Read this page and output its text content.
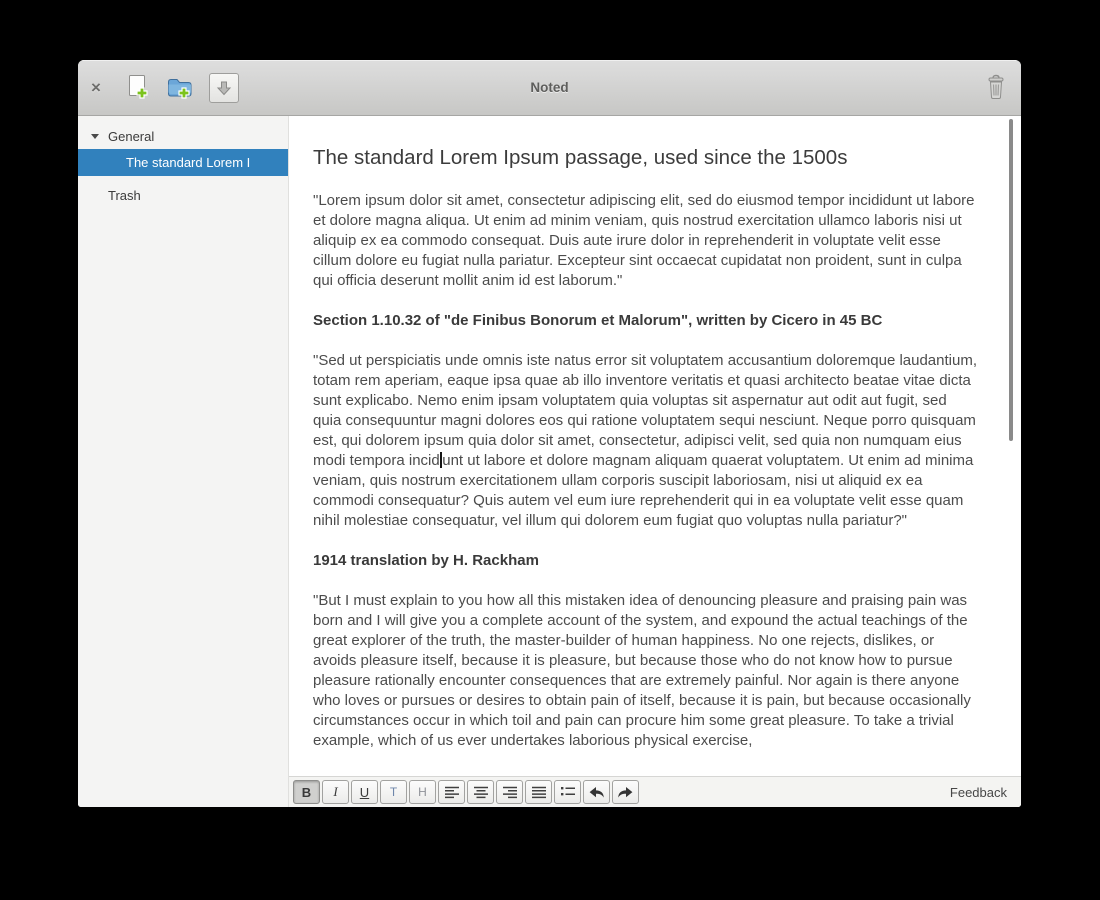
×	Noted
General
The standard Lorem I
Trash
The standard Lorem Ipsum passage, used since the 1500s

"Lorem ipsum dolor sit amet, consectetur adipiscing elit, sed do eiusmod tempor incididunt ut labore et dolore magna aliqua. Ut enim ad minim veniam, quis nostrud exercitation ullamco laboris nisi ut aliquip ex ea commodo consequat. Duis aute irure dolor in reprehenderit in voluptate velit esse cillum dolore eu fugiat nulla pariatur. Excepteur sint occaecat cupidatat non proident, sunt in culpa qui officia deserunt mollit anim id est laborum."

Section 1.10.32 of "de Finibus Bonorum et Malorum", written by Cicero in 45 BC

"Sed ut perspiciatis unde omnis iste natus error sit voluptatem accusantium doloremque laudantium, totam rem aperiam, eaque ipsa quae ab illo inventore veritatis et quasi architecto beatae vitae dicta sunt explicabo. Nemo enim ipsam voluptatem quia voluptas sit aspernatur aut odit aut fugit, sed quia consequuntur magni dolores eos qui ratione voluptatem sequi nesciunt. Neque porro quisquam est, qui dolorem ipsum quia dolor sit amet, consectetur, adipisci velit, sed quia non numquam eius modi tempora incid unt ut labore et dolore magnam aliquam quaerat voluptatem. Ut enim ad minima veniam, quis nostrum exercitationem ullam corporis suscipit laboriosam, nisi ut aliquid ex ea commodi consequatur? Quis autem vel eum iure reprehenderit qui in ea voluptate velit esse quam nihil molestiae consequatur, vel illum qui dolorem eum fugiat quo voluptas nulla pariatur?"

1914 translation by H. Rackham

"But I must explain to you how all this mistaken idea of denouncing pleasure and praising pain was born and I will give you a complete account of the system, and expound the actual teachings of the great explorer of the truth, the master-builder of human happiness. No one rejects, dislikes, or avoids pleasure itself, because it is pleasure, but because those who do not know how to pursue pleasure rationally encounter consequences that are extremely painful. Nor again is there anyone who loves or pursues or desires to obtain pain of itself, because it is pain, but because occasionally circumstances occur in which toil and pain can procure him some great pleasure. To take a trivial example, which of us ever undertakes laborious physical exercise,

B	I	U	T	H	Feedback
